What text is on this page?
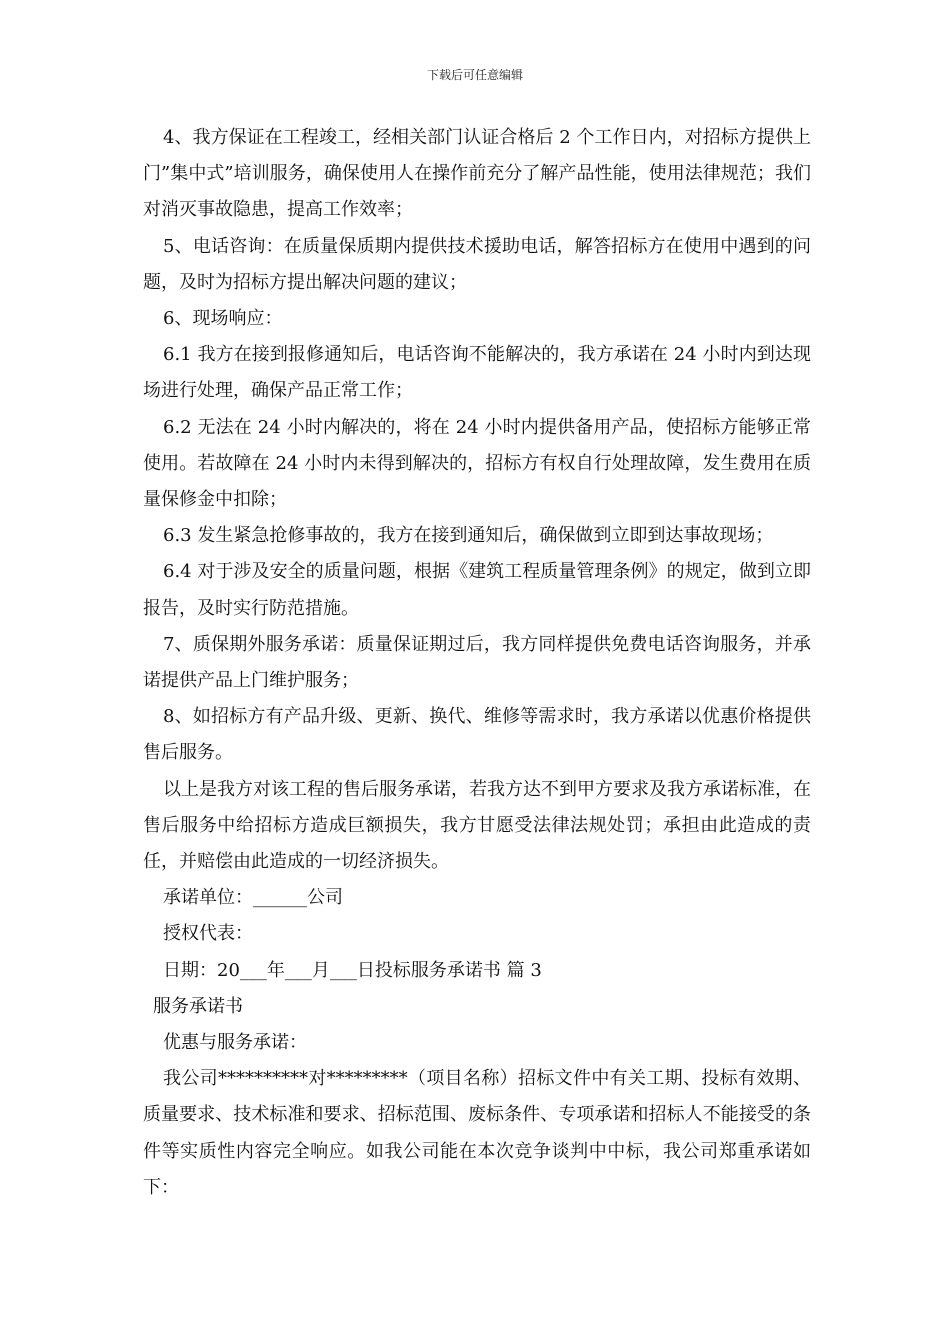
下载后可任意编辑

4、我方保证在工程竣工，经相关部门认证合格后 2 个工作日内，对招标方提供上门”集中式”培训服务，确保使用人在操作前充分了解产品性能，使用法律规范；我们对消灭事故隐患，提高工作效率；

5、电话咨询：在质量保质期内提供技术援助电话，解答招标方在使用中遇到的问题，及时为招标方提出解决问题的建议；

6、现场响应：

6.1 我方在接到报修通知后，电话咨询不能解决的，我方承诺在 24 小时内到达现场进行处理，确保产品正常工作；

6.2 无法在 24 小时内解决的，将在 24 小时内提供备用产品，使招标方能够正常使用。若故障在 24 小时内未得到解决的，招标方有权自行处理故障，发生费用在质量保修金中扣除；

6.3 发生紧急抢修事故的，我方在接到通知后，确保做到立即到达事故现场；

6.4 对于涉及安全的质量问题，根据《建筑工程质量管理条例》的规定，做到立即报告，及时实行防范措施。

7、质保期外服务承诺：质量保证期过后，我方同样提供免费电话咨询服务，并承诺提供产品上门维护服务；

8、如招标方有产品升级、更新、换代、维修等需求时，我方承诺以优惠价格提供售后服务。

以上是我方对该工程的售后服务承诺，若我方达不到甲方要求及我方承诺标准，在售后服务中给招标方造成巨额损失，我方甘愿受法律法规处罚；承担由此造成的责任，并赔偿由此造成的一切经济损失。

承诺单位：______公司

授权代表：

日期：20___年___月___日投标服务承诺书 篇 3

服务承诺书

优惠与服务承诺：

我公司**********对*********（项目名称）招标文件中有关工期、投标有效期、质量要求、技术标准和要求、招标范围、废标条件、专项承诺和招标人不能接受的条件等实质性内容完全响应。如我公司能在本次竞争谈判中中标，我公司郑重承诺如下：
